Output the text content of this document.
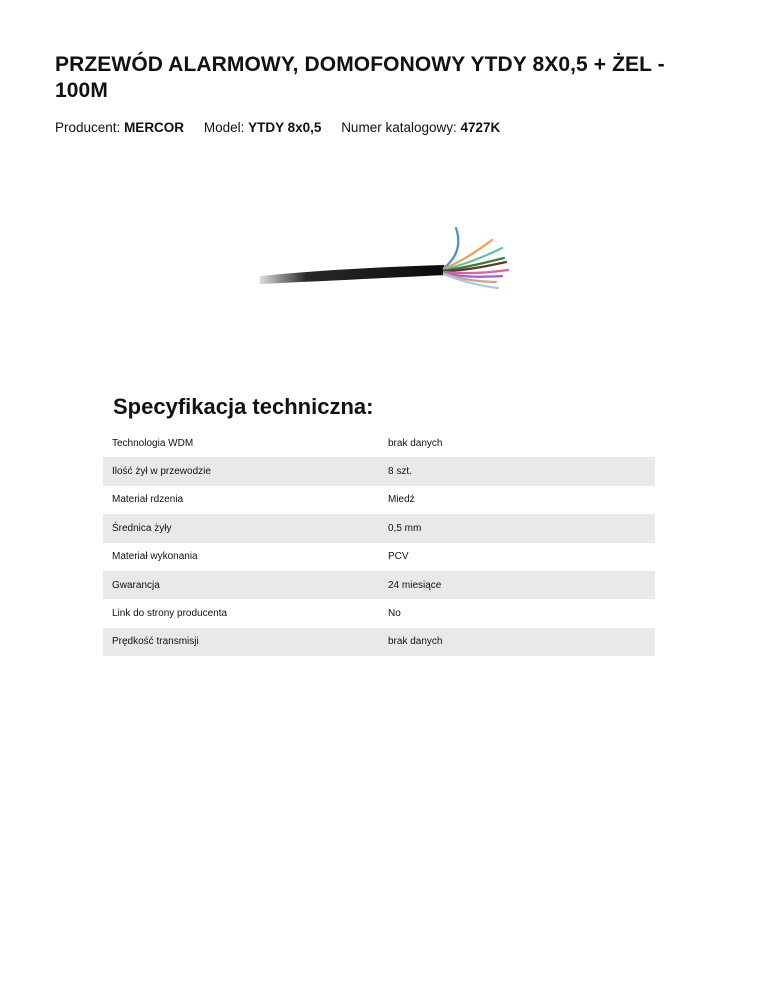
PRZEWÓD ALARMOWY, DOMOFONOWY YTDY 8X0,5 + ŻEL - 100M
Producent: MERCOR Model: YTDY 8x0,5 Numer katalogowy: 4727K
Specyfikacja techniczna:
Technologia WDM	brak danych
Ilość żył w przewodzie	8 szt.
Materiał rdzenia	Miedź
Średnica żyły	0,5 mm
Materiał wykonania	PCV
Gwarancja	24 miesiące
Link do strony producenta	No
Prędkość transmisji	brak danych
